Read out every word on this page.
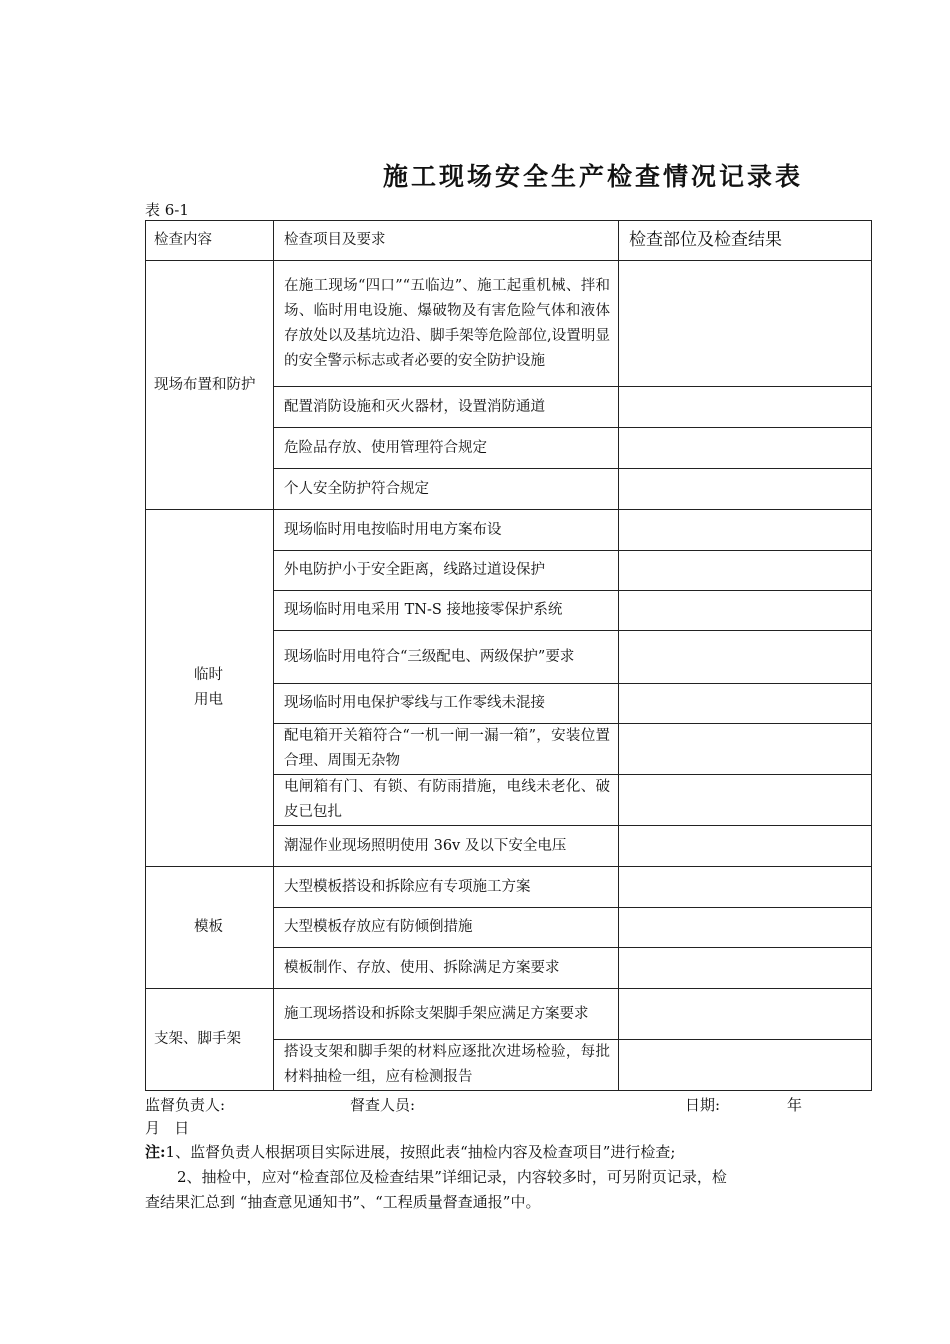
施工现场安全生产检查情况记录表
表 6-1
检查内容	检查项目及要求	检查部位及检查结果
现场布置和防护	在施工现场“四口”“五临边”、施工起重机械、拌和场、临时用电设施、爆破物及有害危险气体和液体存放处以及基坑边沿、脚手架等危险部位,设置明显的安全警示标志或者必要的安全防护设施	
	配置消防设施和灭火器材，设置消防通道	
	危险品存放、使用管理符合规定	
	个人安全防护符合规定	

临时
用电	现场临时用电按临时用电方案布设	
	外电防护小于安全距离，线路过道设保护	
	现场临时用电采用 TN-S 接地接零保护系统	
	现场临时用电符合“三级配电、两级保护”要求	
	现场临时用电保护零线与工作零线未混接	
	配电箱开关箱符合“一机一闸一漏一箱”，安装位置合理、周围无杂物	
	电闸箱有门、有锁、有防雨措施，电线未老化、破皮已包扎	
	潮湿作业现场照明使用 36v 及以下安全电压	
模板	大型模板搭设和拆除应有专项施工方案	
	大型模板存放应有防倾倒措施	
	模板制作、存放、使用、拆除满足方案要求	
支架、脚手架	施工现场搭设和拆除支架脚手架应满足方案要求	
	搭设支架和脚手架的材料应逐批次进场检验，每批材料抽检一组，应有检测报告	
监督负责人:	督查人员:	日期:	年
月   日
注:1、监督负责人根据项目实际进展，按照此表“抽检内容及检查项目”进行检查;
2、抽检中，应对“检查部位及检查结果”详细记录，内容较多时，可另附页记录，检
查结果汇总到 “抽查意见通知书”、“工程质量督查通报”中。
